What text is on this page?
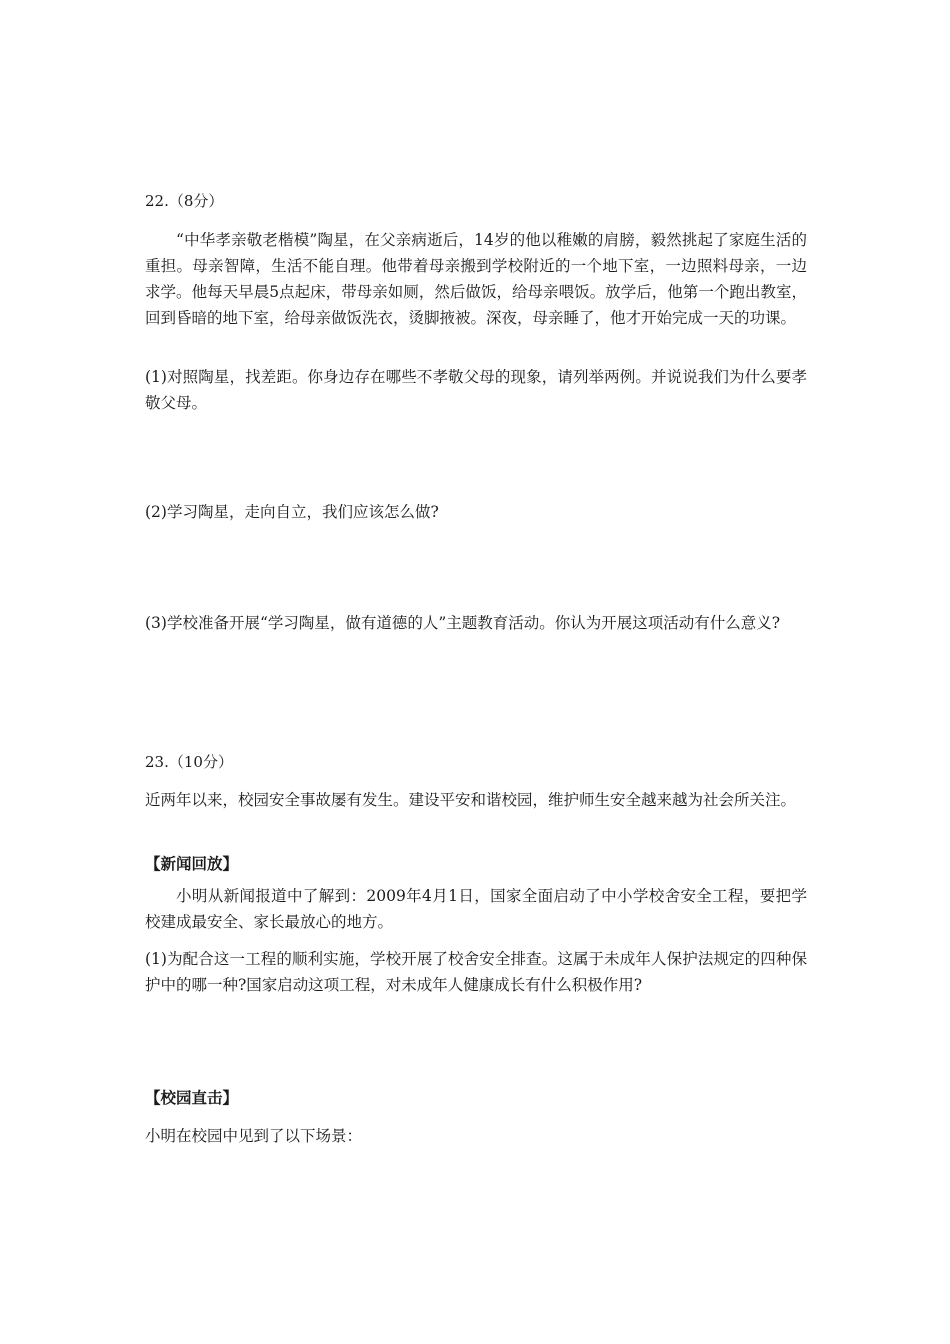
22.（8分）

“中华孝亲敬老楷模”陶星，在父亲病逝后，14岁的他以稚嫩的肩膀，毅然挑起了家庭生活的重担。母亲智障，生活不能自理。他带着母亲搬到学校附近的一个地下室，一边照料母亲，一边求学。他每天早晨5点起床，带母亲如厕，然后做饭，给母亲喂饭。放学后，他第一个跑出教室，回到昏暗的地下室，给母亲做饭洗衣，烫脚掖被。深夜，母亲睡了，他才开始完成一天的功课。

(1)对照陶星，找差距。你身边存在哪些不孝敬父母的现象，请列举两例。并说说我们为什么要孝敬父母。

(2)学习陶星，走向自立，我们应该怎么做?

(3)学校准备开展“学习陶星，做有道德的人”主题教育活动。你认为开展这项活动有什么意义?

23.（10分）

近两年以来，校园安全事故屡有发生。建设平安和谐校园，维护师生安全越来越为社会所关注。

【新闻回放】

小明从新闻报道中了解到：2009年4月1日，国家全面启动了中小学校舍安全工程，要把学校建成最安全、家长最放心的地方。

(1)为配合这一工程的顺利实施，学校开展了校舍安全排查。这属于未成年人保护法规定的四种保护中的哪一种?国家启动这项工程，对未成年人健康成长有什么积极作用?

【校园直击】

小明在校园中见到了以下场景：
